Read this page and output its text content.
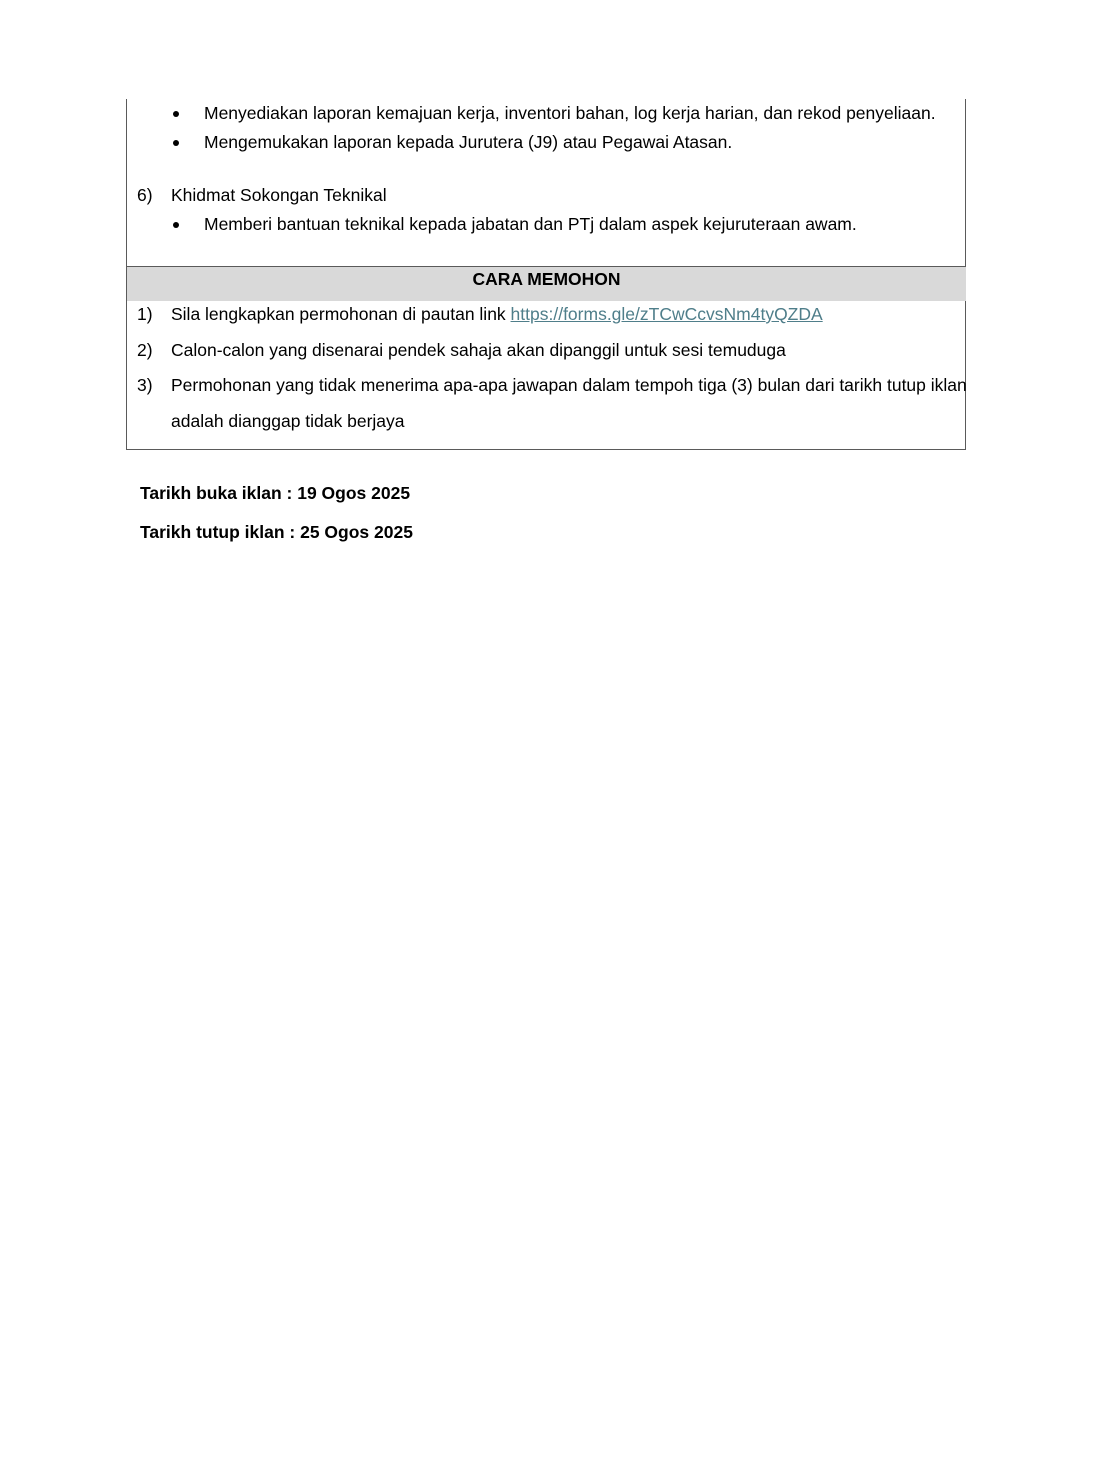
Menyediakan laporan kemajuan kerja, inventori bahan, log kerja harian, dan rekod penyeliaan.
Mengemukakan laporan kepada Jurutera (J9) atau Pegawai Atasan.
6) Khidmat Sokongan Teknikal
Memberi bantuan teknikal kepada jabatan dan PTj dalam aspek kejuruteraan awam.
CARA MEMOHON
1) Sila lengkapkan permohonan di pautan link https://forms.gle/zTCwCcvsNm4tyQZDA
2) Calon-calon yang disenarai pendek sahaja akan dipanggil untuk sesi temuduga
3) Permohonan yang tidak menerima apa-apa jawapan dalam tempoh tiga (3) bulan dari tarikh tutup iklan
adalah dianggap tidak berjaya
Tarikh buka iklan : 19 Ogos 2025
Tarikh tutup iklan : 25 Ogos 2025
